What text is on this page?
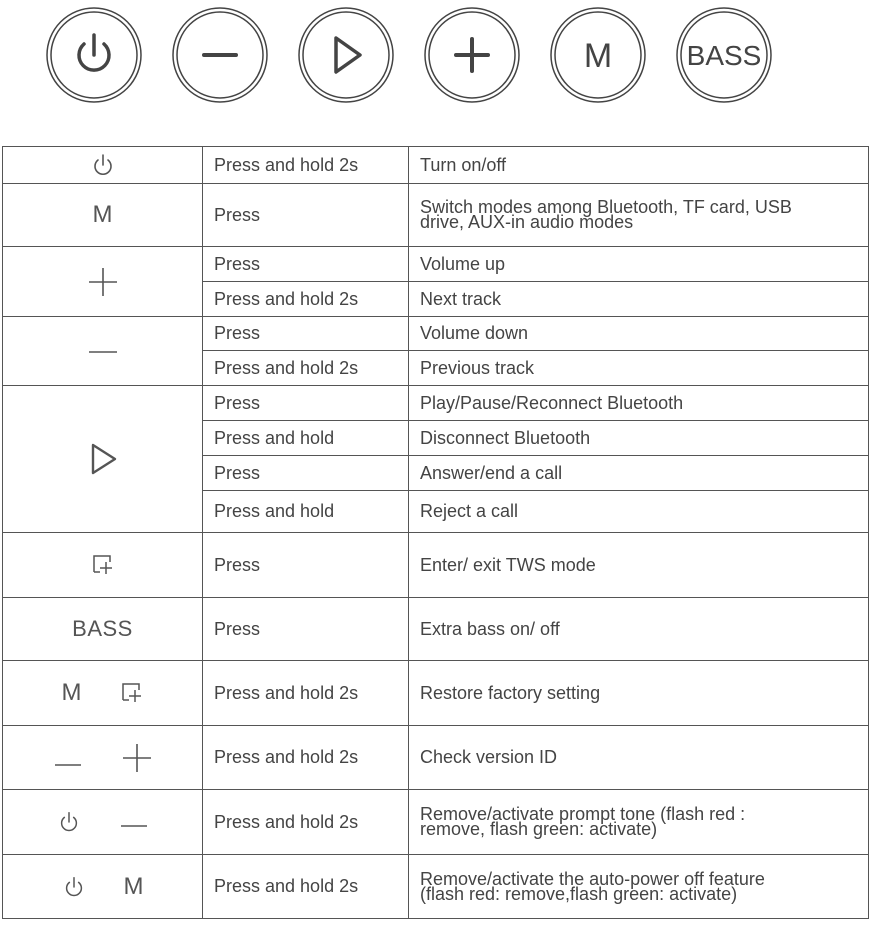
M	BASS
	Press and hold 2s	Turn on/off

M	Press	Switch modes among Bluetooth, TF card, USB
drive, AUX-in audio modes

	Press	Volume up

	Press and hold 2s	Next track

	Press	Volume down

	Press and hold 2s	Previous track

	Press	Play/Pause/Reconnect Bluetooth

	Press and hold	Disconnect Bluetooth

	Press	Answer/end a call

	Press and hold	Reject a call

	Press	Enter/ exit TWS mode

BASS	Press	Extra bass on/ off

M	Press and hold 2s	Restore factory setting

	Press and hold 2s	Check version ID

	Press and hold 2s	Remove/activate prompt tone (flash red :
remove, flash green: activate)

M	Press and hold 2s	Remove/activate the auto-power off feature
(flash red: remove,flash green: activate)
